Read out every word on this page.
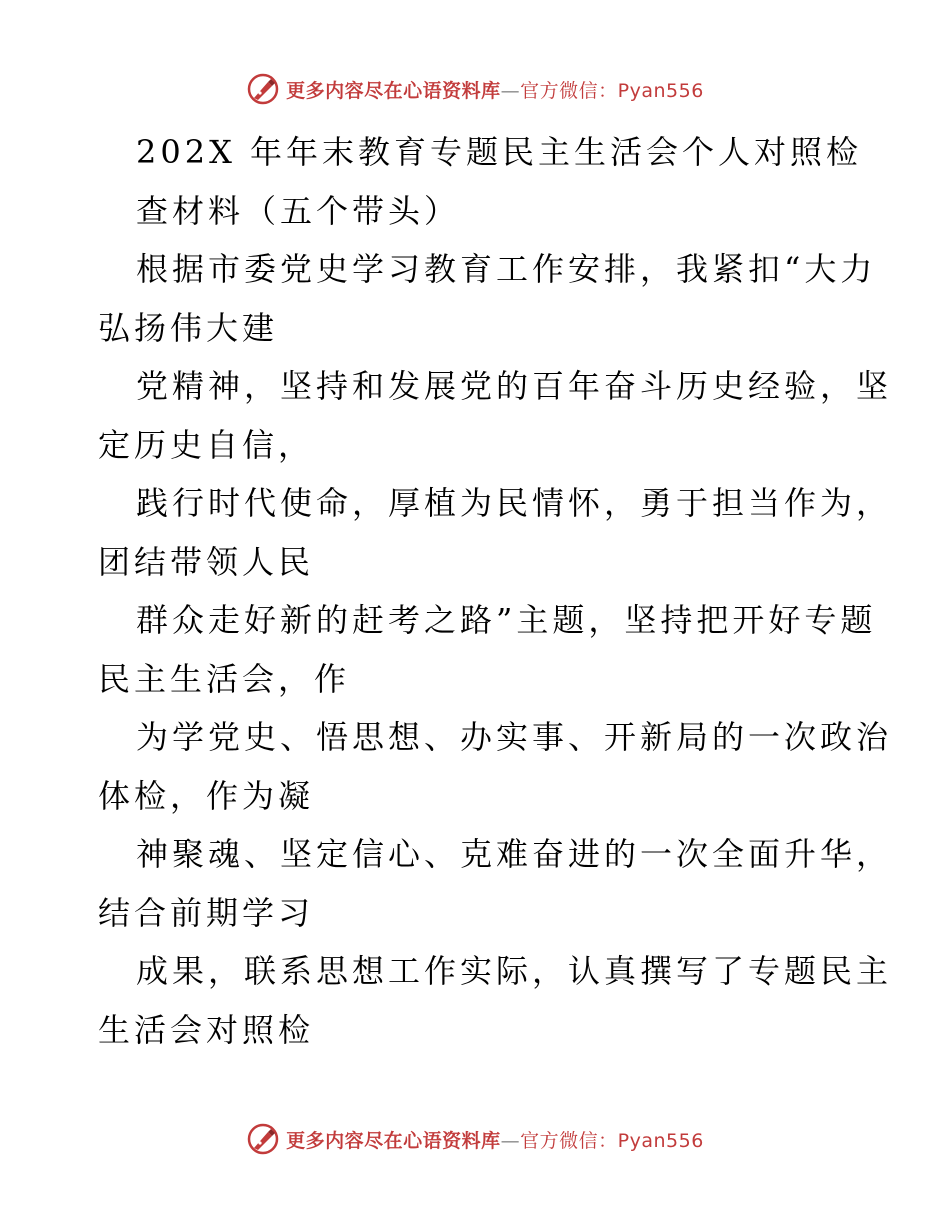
更多内容尽在心语资料库—官方微信：Pyan556

202X 年年末教育专题民主生活会个人对照检

查材料（五个带头）

根据市委党史学习教育工作安排，我紧扣“大力

弘扬伟大建

党精神，坚持和发展党的百年奋斗历史经验，坚

定历史自信，

践行时代使命，厚植为民情怀，勇于担当作为，

团结带领人民

群众走好新的赶考之路”主题，坚持把开好专题

民主生活会，作

为学党史、悟思想、办实事、开新局的一次政治

体检，作为凝

神聚魂、坚定信心、克难奋进的一次全面升华，

结合前期学习

成果，联系思想工作实际，认真撰写了专题民主

生活会对照检

更多内容尽在心语资料库—官方微信：Pyan556
